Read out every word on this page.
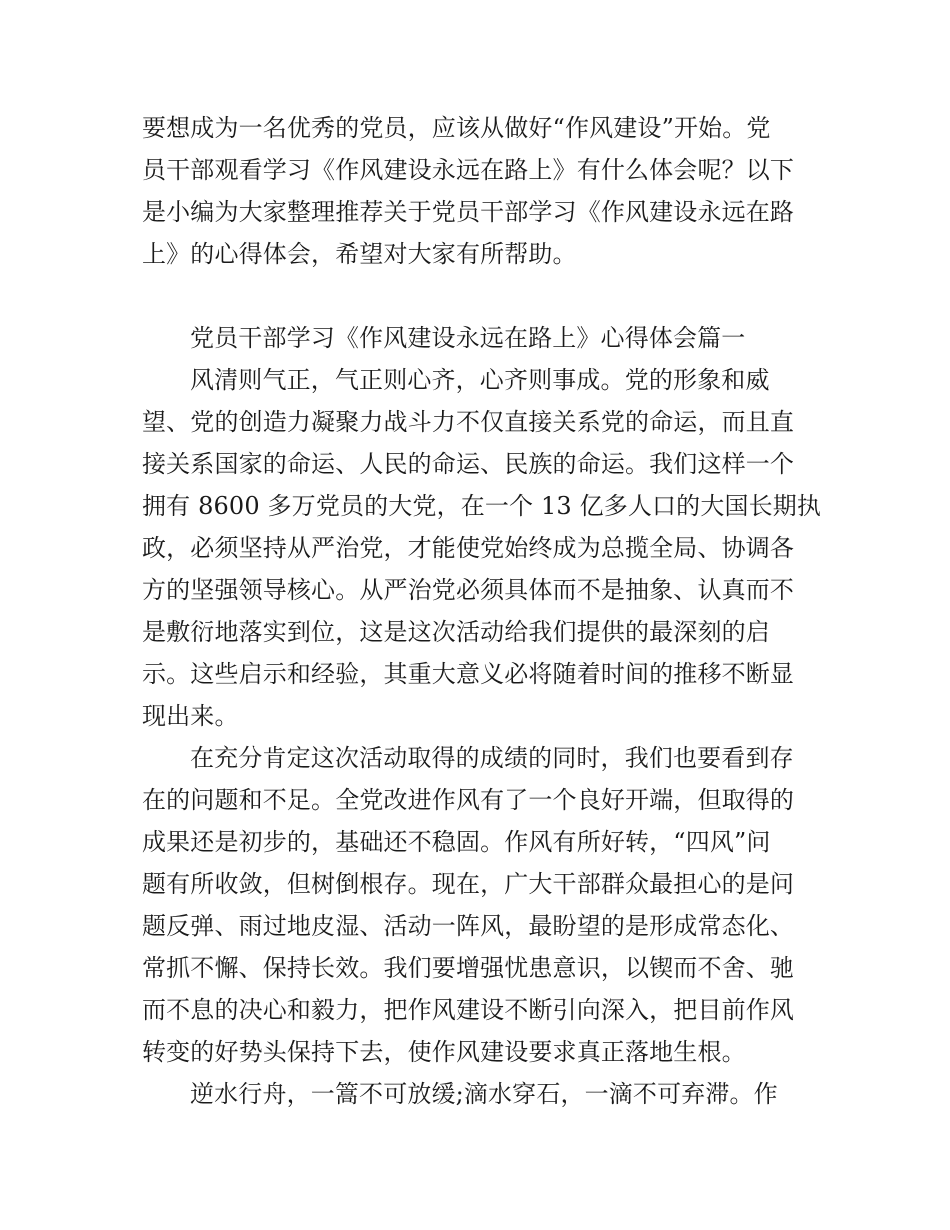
要想成为一名优秀的党员，应该从做好“作风建设”开始。党
员干部观看学习《作风建设永远在路上》有什么体会呢？以下
是小编为大家整理推荐关于党员干部学习《作风建设永远在路
上》的心得体会，希望对大家有所帮助。
党员干部学习《作风建设永远在路上》心得体会篇一
风清则气正，气正则心齐，心齐则事成。党的形象和威
望、党的创造力凝聚力战斗力不仅直接关系党的命运，而且直
接关系国家的命运、人民的命运、民族的命运。我们这样一个
拥有 8600 多万党员的大党，在一个 13 亿多人口的大国长期执
政，必须坚持从严治党，才能使党始终成为总揽全局、协调各
方的坚强领导核心。从严治党必须具体而不是抽象、认真而不
是敷衍地落实到位，这是这次活动给我们提供的最深刻的启
示。这些启示和经验，其重大意义必将随着时间的推移不断显
现出来。
在充分肯定这次活动取得的成绩的同时，我们也要看到存
在的问题和不足。全党改进作风有了一个良好开端，但取得的
成果还是初步的，基础还不稳固。作风有所好转，“四风”问
题有所收敛，但树倒根存。现在，广大干部群众最担心的是问
题反弹、雨过地皮湿、活动一阵风，最盼望的是形成常态化、
常抓不懈、保持长效。我们要增强忧患意识，以锲而不舍、驰
而不息的决心和毅力，把作风建设不断引向深入，把目前作风
转变的好势头保持下去，使作风建设要求真正落地生根。
逆水行舟，一篙不可放缓;滴水穿石，一滴不可弃滞。作
